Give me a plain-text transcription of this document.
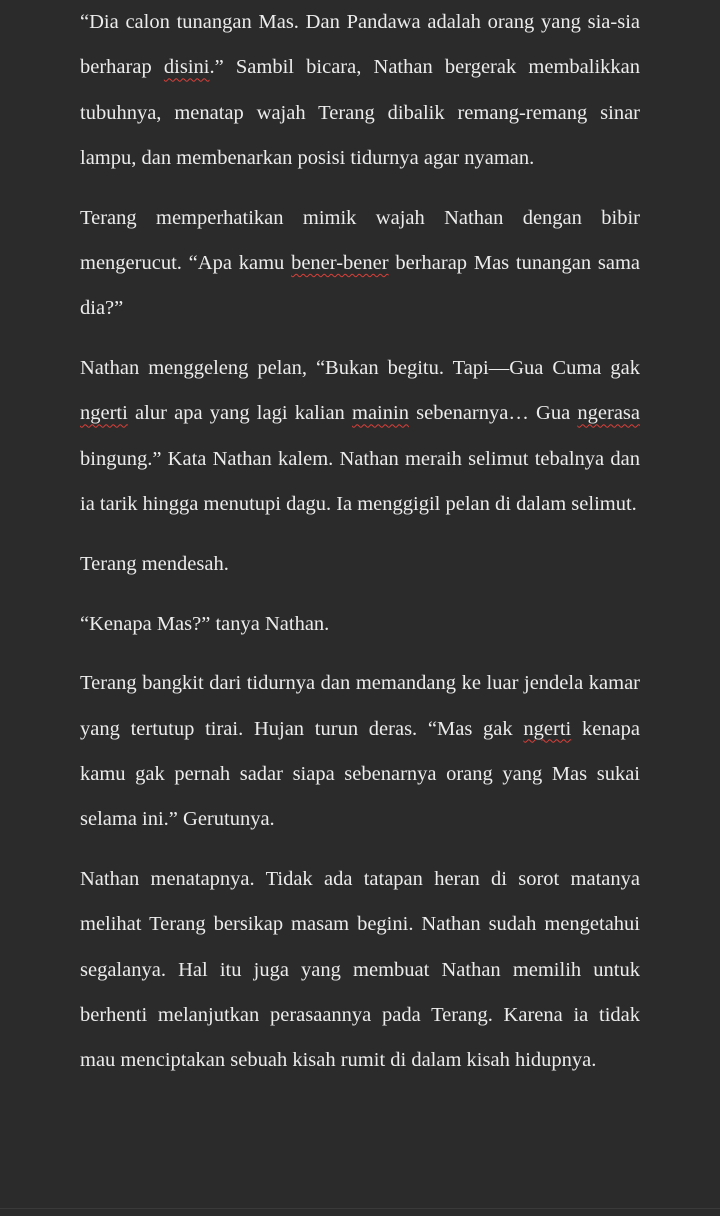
“Dia calon tunangan Mas. Dan Pandawa adalah orang yang sia-sia berharap disini.” Sambil bicara, Nathan bergerak membalikkan tubuhnya, menatap wajah Terang dibalik remang-remang sinar lampu, dan membenarkan posisi tidurnya agar nyaman.

Terang memperhatikan mimik wajah Nathan dengan bibir mengerucut. “Apa kamu bener-bener berharap Mas tunangan sama dia?”

Nathan menggeleng pelan, “Bukan begitu. Tapi—Gua Cuma gak ngerti alur apa yang lagi kalian mainin sebenarnya… Gua ngerasa bingung.” Kata Nathan kalem. Nathan meraih selimut tebalnya dan ia tarik hingga menutupi dagu. Ia menggigil pelan di dalam selimut.

Terang mendesah.

“Kenapa Mas?” tanya Nathan.

Terang bangkit dari tidurnya dan memandang ke luar jendela kamar yang tertutup tirai. Hujan turun deras. “Mas gak ngerti kenapa kamu gak pernah sadar siapa sebenarnya orang yang Mas sukai selama ini.” Gerutunya.

Nathan menatapnya. Tidak ada tatapan heran di sorot matanya melihat Terang bersikap masam begini. Nathan sudah mengetahui segalanya. Hal itu juga yang membuat Nathan memilih untuk berhenti melanjutkan perasaannya pada Terang. Karena ia tidak mau menciptakan sebuah kisah rumit di dalam kisah hidupnya.
